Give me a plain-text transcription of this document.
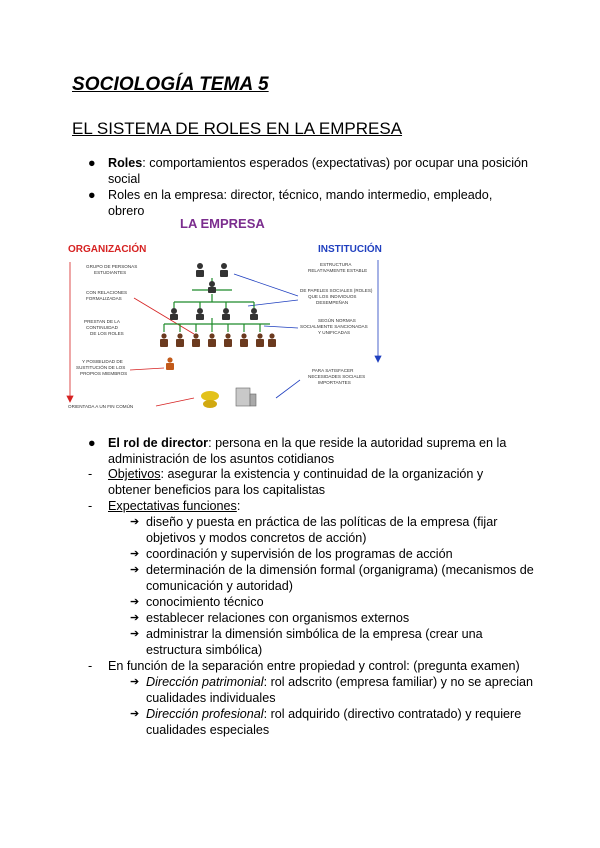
SOCIOLOGÍA TEMA 5
EL SISTEMA DE ROLES EN LA EMPRESA
● Roles: comportamientos esperados (expectativas) por ocupar una posición social
● Roles en la empresa: director, técnico, mando intermedio, empleado, obrero
LA EMPRESA
ORGANIZACIÓN	INSTITUCIÓN
GRUPO DE PERSONAS
ESTUDIANTES
CON RELACIONES
FORMALIZADAS
PRESTAN DE LA
CONTINUIDAD
DE LOS ROLES
Y POSIBILIDAD DE
SUSTITUCIÓN DE LOS
PROPIOS MIEMBROS
ORIENTADA A UN FIN COMÚN
ESTRUCTURA
RELATIVAMENTE ESTABLE
DE PAPELES SOCIALES (ROLES)
QUE LOS INDIVIDUOS
DESEMPEÑAN
SEGÚN NORMAS
SOCIALMENTE SANCIONADAS
Y UNIFICADAS
PARA SATISFACER
NECESIDADES SOCIALES
IMPORTANTES
● El rol de director: persona en la que reside la autoridad suprema en la administración de los asuntos cotidianos
- Objetivos: asegurar la existencia y continuidad de la organización y obtener beneficios para los capitalistas
- Expectativas funciones:
➔ diseño y puesta en práctica de las políticas de la empresa (fijar objetivos y modos concretos de acción)
➔ coordinación y supervisión de los programas de acción
➔ determinación de la dimensión formal (organigrama) (mecanismos de comunicación y autoridad)
➔ conocimiento técnico
➔ establecer relaciones con organismos externos
➔ administrar la dimensión simbólica de la empresa (crear una estructura simbólica)
- En función de la separación entre propiedad y control: (pregunta examen)
➔ Dirección patrimonial: rol adscrito (empresa familiar) y no se aprecian cualidades individuales
➔ Dirección profesional: rol adquirido (directivo contratado) y requiere cualidades especiales
